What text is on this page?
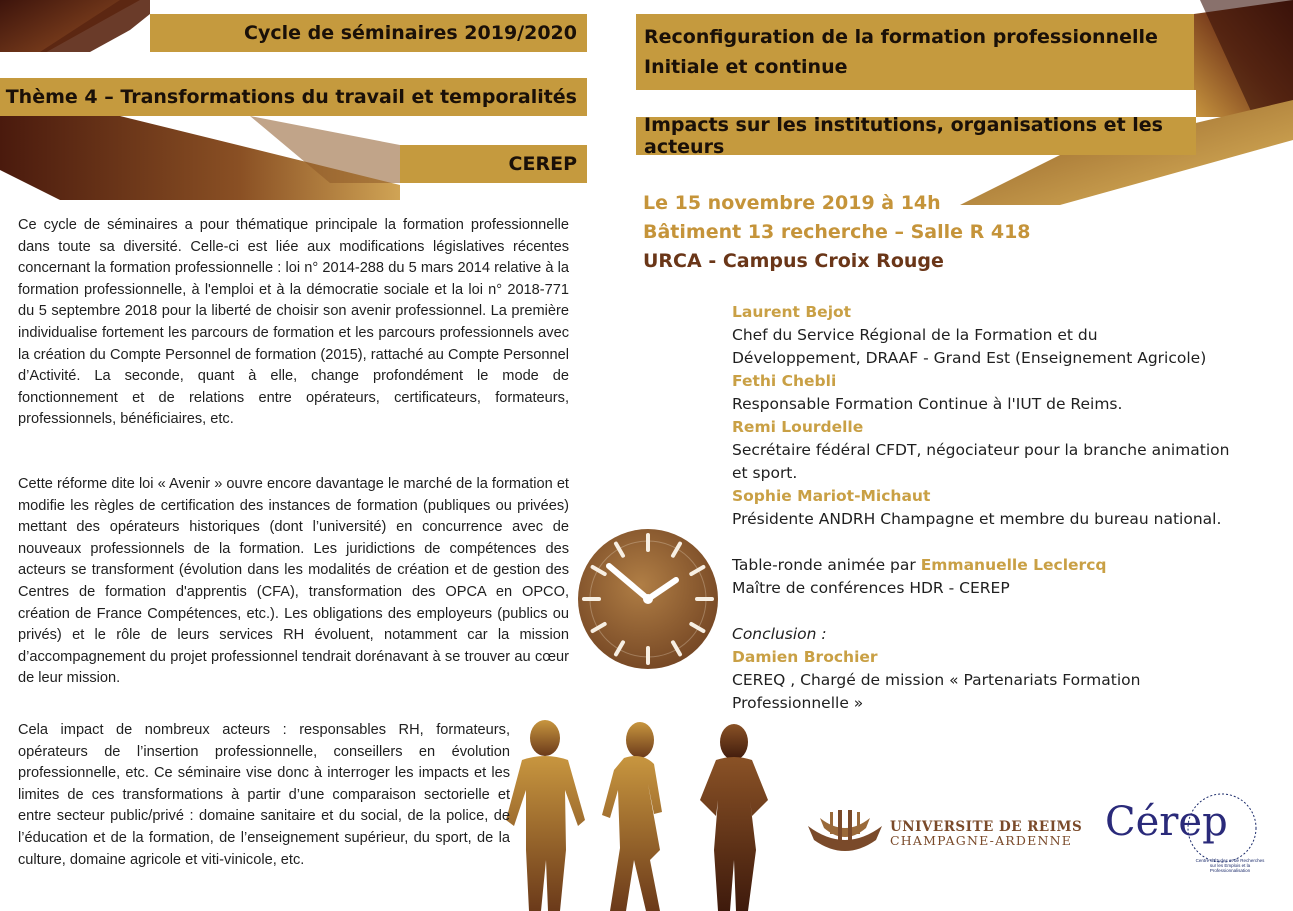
Cycle de séminaires 2019/2020
Thème 4 – Transformations du travail et temporalités
CEREP
Reconfiguration de la formation professionnelle
Initiale et continue
Impacts sur les institutions, organisations et les acteurs

Ce cycle de séminaires a pour thématique principale la formation professionnelle dans toute sa diversité. Celle-ci est liée aux modifications législatives récentes concernant la formation professionnelle : loi n° 2014-288 du 5 mars 2014 relative à la formation professionnelle, à l'emploi et à la démocratie sociale et la loi n° 2018-771 du 5 septembre 2018 pour la liberté de choisir son avenir professionnel. La première individualise fortement les parcours de formation et les parcours professionnels avec la création du Compte Personnel de formation (2015), rattaché au Compte Personnel d’Activité. La seconde, quant à elle, change profondément le mode de fonctionnement et de relations entre opérateurs, certificateurs, formateurs, professionnels, bénéficiaires, etc.

Cette réforme dite loi « Avenir » ouvre encore davantage le marché de la formation et modifie les règles de certification des instances de formation (publiques ou privées) mettant des opérateurs historiques (dont l’université) en concurrence avec de nouveaux professionnels de la formation. Les juridictions de compétences des acteurs se transforment (évolution dans les modalités de création et de gestion des Centres de formation d'apprentis (CFA), transformation des OPCA en OPCO, création de France Compétences, etc.). Les obligations des employeurs (publics ou privés) et le rôle de leurs services RH évoluent, notamment car la mission d’accompagnement du projet professionnel tendrait dorénavant à se trouver au cœur de leur mission.

Cela impact de nombreux acteurs : responsables RH, formateurs, opérateurs de l’insertion professionnelle, conseillers en évolution professionnelle, etc. Ce séminaire vise donc à interroger les impacts et les limites de ces transformations à partir d’une comparaison sectorielle et entre secteur public/privé : domaine sanitaire et du social, de la police, de l’éducation et de la formation, de l’enseignement supérieur, du sport, de la culture, domaine agricole et viti-vinicole, etc.

Le 15 novembre 2019 à 14h
Bâtiment 13 recherche – Salle R 418
URCA - Campus Croix Rouge
Laurent Bejot
Chef du Service Régional de la Formation et du
Développement, DRAAF - Grand Est (Enseignement Agricole)
Fethi Chebli
Responsable Formation Continue à l'IUT de Reims.
Remi Lourdelle
Secrétaire fédéral CFDT, négociateur pour la branche animation
et sport.
Sophie Mariot-Michaut
Présidente ANDRH Champagne et membre du bureau national.
Table-ronde animée par Emmanuelle Leclercq
Maître de conférences HDR - CEREP
Conclusion :
Damien Brochier
CEREQ , Chargé de mission « Partenariats Formation
Professionnelle »
UNIVERSITE DE REIMS
CHAMPAGNE-ARDENNE Cérep
Centre d'Études et de Recherches sur les Emplois et la Professionnalisation
